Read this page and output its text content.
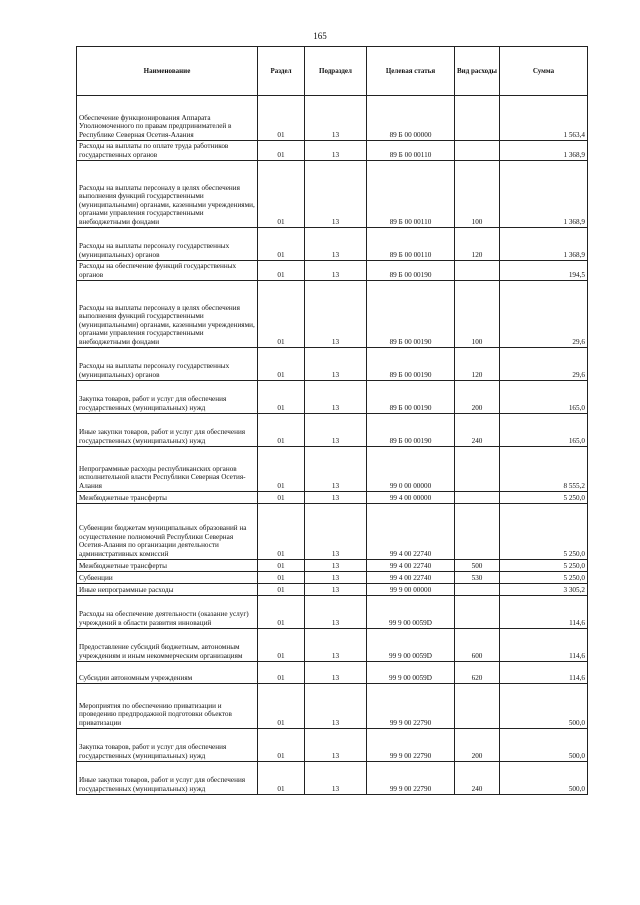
165
Наименование	Раздел	Подраздел	Целевая статья	Вид расходы	Сумма
Обеспечение функционирования Аппарата Уполномоченного по правам предпринимателей в Республике Северная Осетия-Алания	01	13	89 Б 00 00000		1 563,4
Расходы на выплаты по оплате труда работников государственных органов	01	13	89 Б 00 00110		1 368,9
Расходы на выплаты персоналу в целях обеспечения выполнения функций государственными (муниципальными) органами, казенными учреждениями, органами управления государственными внебюджетными фондами	01	13	89 Б 00 00110	100	1 368,9
Расходы на выплаты персоналу государственных (муниципальных) органов	01	13	89 Б 00 00110	120	1 368,9
Расходы на обеспечение функций государственных органов	01	13	89 Б 00 00190		194,5
Расходы на выплаты персоналу в целях обеспечения выполнения функций государственными (муниципальными) органами, казенными учреждениями, органами управления государственными внебюджетными фондами	01	13	89 Б 00 00190	100	29,6
Расходы на выплаты персоналу государственных (муниципальных) органов	01	13	89 Б 00 00190	120	29,6
Закупка товаров, работ и услуг для обеспечения государственных (муниципальных) нужд	01	13	89 Б 00 00190	200	165,0
Иные закупки товаров, работ и услуг для обеспечения государственных (муниципальных) нужд	01	13	89 Б 00 00190	240	165,0
Непрограммные расходы республиканских органов исполнительной власти Республики Северная Осетия-Алания	01	13	99 0 00 00000		8 555,2
Межбюджетные трансферты	01	13	99 4 00 00000		5 250,0
Субвенции бюджетам муниципальных образований на осуществление полномочий Республики Северная Осетия-Алания по организации деятельности административных комиссий	01	13	99 4 00 22740		5 250,0
Межбюджетные трансферты	01	13	99 4 00 22740	500	5 250,0
Субвенции	01	13	99 4 00 22740	530	5 250,0
Иные непрограммные расходы	01	13	99 9 00 00000		3 305,2
Расходы на обеспечение деятельности (оказание услуг) учреждений в области развития инноваций	01	13	99 9 00 0059D		114,6
Предоставление субсидий бюджетным, автономным учреждениям и иным некоммерческим организациям	01	13	99 9 00 0059D	600	114,6
Субсидии автономным учреждениям	01	13	99 9 00 0059D	620	114,6
Мероприятия по обеспечению приватизации и проведению предпродажной подготовки объектов приватизации	01	13	99 9 00 22790		500,0
Закупка товаров, работ и услуг для обеспечения государственных (муниципальных) нужд	01	13	99 9 00 22790	200	500,0
Иные закупки товаров, работ и услуг для обеспечения государственных (муниципальных) нужд	01	13	99 9 00 22790	240	500,0
